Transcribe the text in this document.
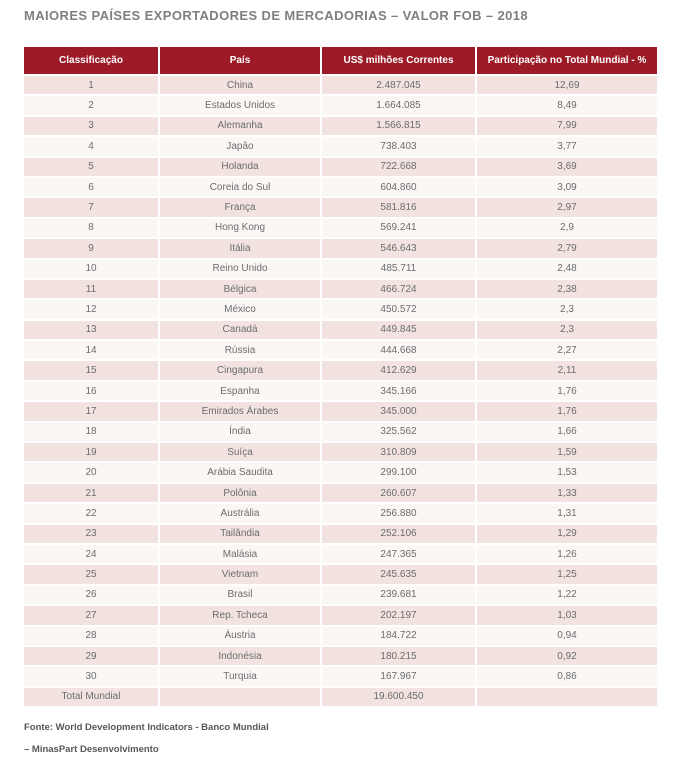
MAIORES PAÍSES EXPORTADORES DE MERCADORIAS – VALOR FOB – 2018
Classificação	País	US$ milhões Correntes	Participação no Total Mundial - %
1	China	2.487.045	12,69
2	Estados Unidos	1.664.085	8,49
3	Alemanha	1.566.815	7,99
4	Japão	738.403	3,77
5	Holanda	722.668	3,69
6	Coreia do Sul	604.860	3,09
7	França	581.816	2,97
8	Hong Kong	569.241	2,9
9	Itália	546.643	2,79
10	Reino Unido	485.711	2,48
11	Bélgica	466.724	2,38
12	México	450.572	2,3
13	Canadá	449.845	2,3
14	Rússia	444.668	2,27
15	Cingapura	412.629	2,11
16	Espanha	345.166	1,76
17	Emirados Árabes	345.000	1,76
18	Índia	325.562	1,66
19	Suíça	310.809	1,59
20	Arábia Saudita	299.100	1,53
21	Polônia	260.607	1,33
22	Austrália	256.880	1,31
23	Tailândia	252.106	1,29
24	Malásia	247.365	1,26
25	Vietnam	245.635	1,25
26	Brasil	239.681	1,22
27	Rep. Tcheca	202.197	1,03
28	Áustria	184.722	0,94
29	Indonésia	180.215	0,92
30	Turquia	167.967	0,86
Total Mundial		19.600.450	
Fonte: World Development Indicators - Banco Mundial
– MinasPart Desenvolvimento
